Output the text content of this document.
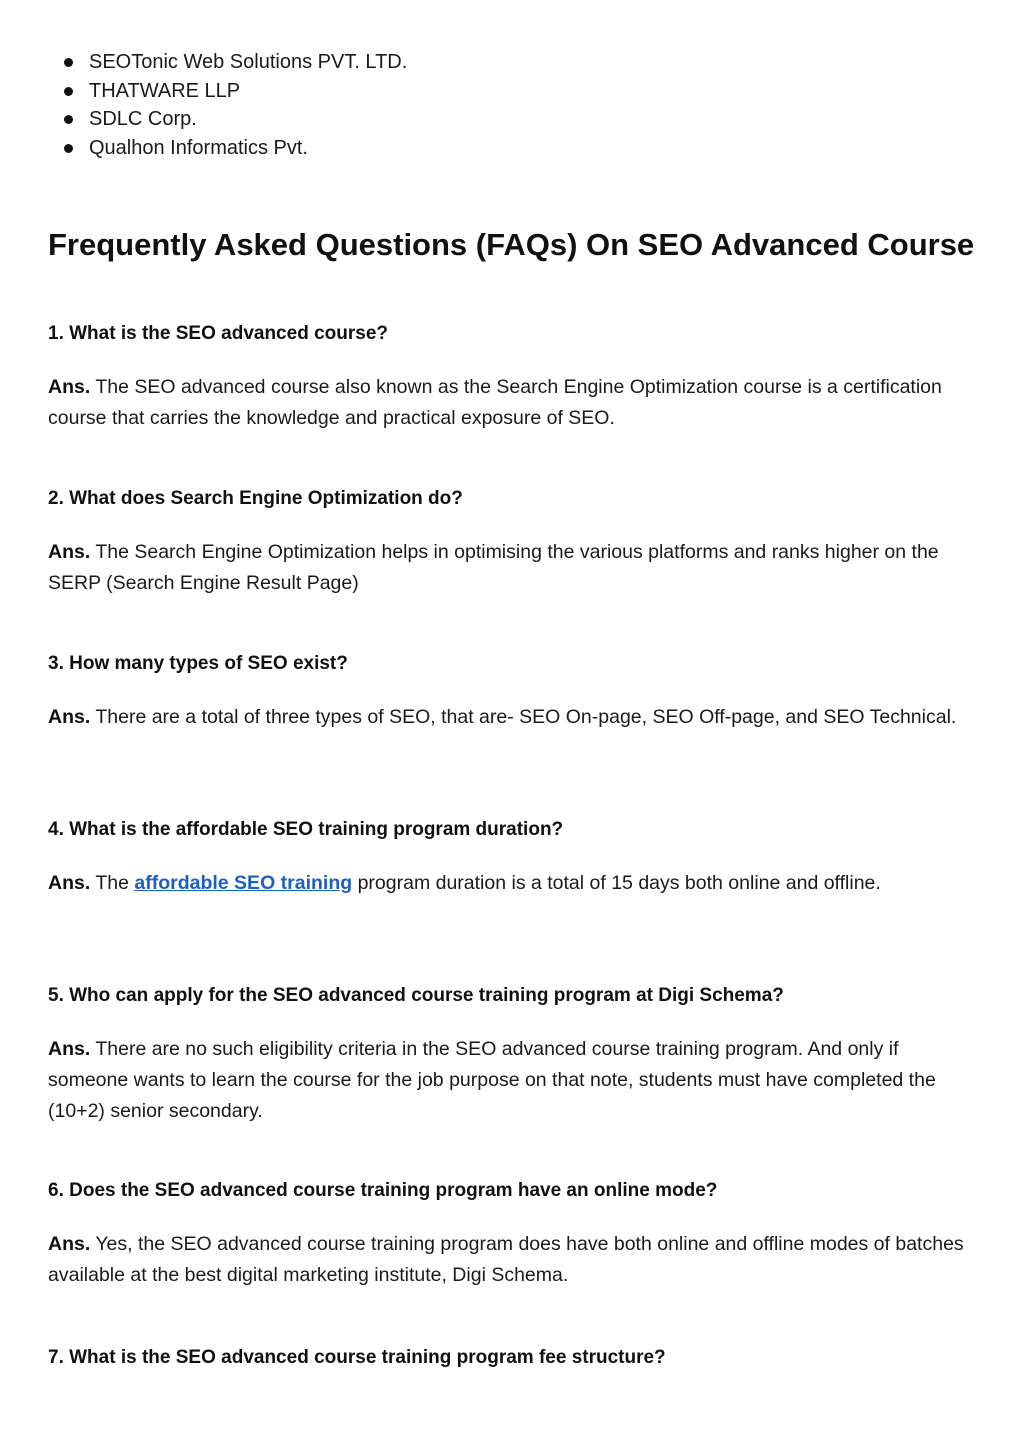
SEOTonic Web Solutions PVT. LTD.
THATWARE LLP
SDLC Corp.
Qualhon Informatics Pvt.
Frequently Asked Questions (FAQs) On SEO Advanced Course

1. What is the SEO advanced course?

Ans. The SEO advanced course also known as the Search Engine Optimization course is a certification course that carries the knowledge and practical exposure of SEO.

2. What does Search Engine Optimization do?

Ans. The Search Engine Optimization helps in optimising the various platforms and ranks higher on the SERP (Search Engine Result Page)

3. How many types of SEO exist?

Ans. There are a total of three types of SEO, that are- SEO On-page, SEO Off-page, and SEO Technical.

4. What is the affordable SEO training program duration?

Ans. The affordable SEO training program duration is a total of 15 days both online and offline.

5. Who can apply for the SEO advanced course training program at Digi Schema?

Ans. There are no such eligibility criteria in the SEO advanced course training program. And only if someone wants to learn the course for the job purpose on that note, students must have completed the (10+2) senior secondary.

6. Does the SEO advanced course training program have an online mode?

Ans. Yes, the SEO advanced course training program does have both online and offline modes of batches available at the best digital marketing institute, Digi Schema.

7. What is the SEO advanced course training program fee structure?
